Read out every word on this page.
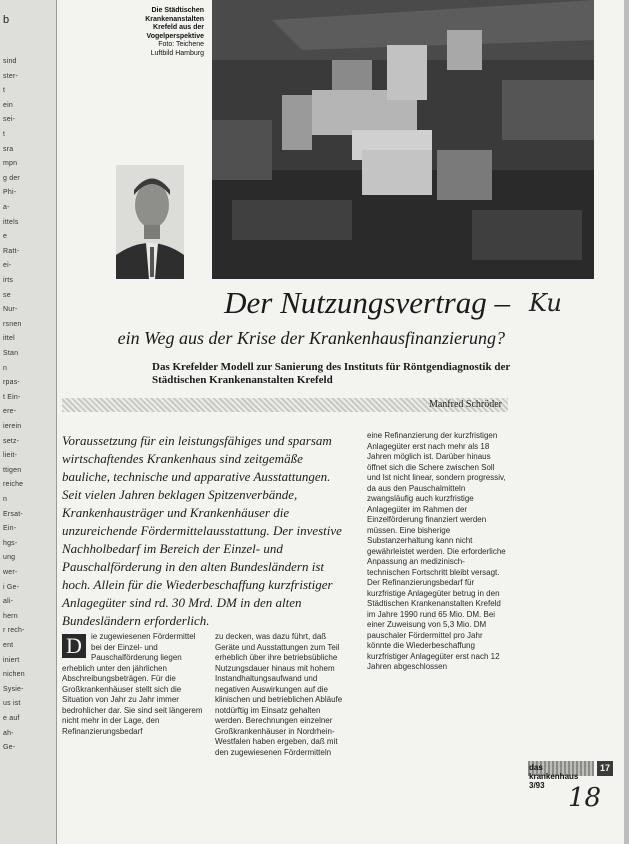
b
sind
ster-
t
ein
sei-
t
sra
mpn
g der
Phi-
a-
ittels
e
Ratt-
ei-
irts
se
Nur-
rsnen
ittel
Stan
n
rpas-
t Ein-
ere-
ierein
setz-
lieit-
ttigen
reiche
n
Ersat-
Ein-
hgs-
ung
wer-
i Ge-
ali-
hern
r rech-
ent
iniert
nichen
Sysie-
us ist
e auf
ah-
Ge-
Die Städtischen
Krankenanstalten
Krefeld aus der
Vogelperspektive
Foto: Teichene
Luftbild Hamburg
Der Nutzungsvertrag – Ku
ein Weg aus der Krise der Krankenhausfinanzierung?
Das Krefelder Modell zur Sanierung des Instituts für Röntgendiagnostik der Städtischen Krankenanstalten Krefeld
Manfred Schröder
Voraussetzung für ein leistungsfähiges und sparsam wirtschaftendes Krankenhaus sind zeitgemäße bauliche, technische und apparative Ausstattungen. Seit vielen Jahren beklagen Spitzenverbände, Krankenhausträger und Krankenhäuser die unzureichende Fördermittelausstattung. Der investive Nachholbedarf im Bereich der Einzel- und Pauschalförderung in den alten Bundesländern ist hoch. Allein für die Wiederbeschaffung kurzfristiger Anlagegüter sind rd. 30 Mrd. DM in den alten Bundesländern erforderlich.
D	ie zugewiesenen Fördermittel bei der Einzel- und Pauschalförderung liegen erheblich unter den jährlichen Abschreibungsbeträgen. Für die Großkrankenhäuser stellt sich die Situation von Jahr zu Jahr immer bedrohlicher dar. Sie sind seit längerem nicht mehr in der Lage, den Refinanzierungsbedarf
zu decken, was dazu führt, daß Geräte und Ausstattungen zum Teil erheblich über ihre betriebsübliche Nutzungsdauer hinaus mit hohem Instandhaltungsaufwand und negativen Auswirkungen auf die klinischen und betrieblichen Abläufe notdürftig im Einsatz gehalten werden. Berechnungen einzelner Großkrankenhäuser in Nordrhein-Westfalen haben ergeben, daß mit den zugewiesenen Fördermitteln
eine Refinanzierung der kurzfristigen Anlagegüter erst nach mehr als 18 Jahren möglich ist. Darüber hinaus öffnet sich die Schere zwischen Soll und Ist nicht linear, sondern progressiv, da aus den Pauschalmitteln zwangsläufig auch kurzfristige Anlagegüter im Rahmen der Einzelförderung finanziert werden müssen. Eine bisherige Substanzerhaltung kann nicht gewährleistet werden. Die erforderliche Anpassung an medizinisch-technischen Fortschritt bleibt versagt.
Der Refinanzierungsbedarf für kurzfristige Anlagegüter betrug in den Städtischen Krankenanstalten Krefeld im Jahre 1990 rund 65 Mio. DM. Bei einer Zuweisung von 5,3 Mio. DM pauschaler Fördermittel pro Jahr könnte die Wiederbeschaffung kurzfristiger Anlagegüter erst nach 12 Jahren abgeschlossen
das krankenhaus 3/93
17
18
